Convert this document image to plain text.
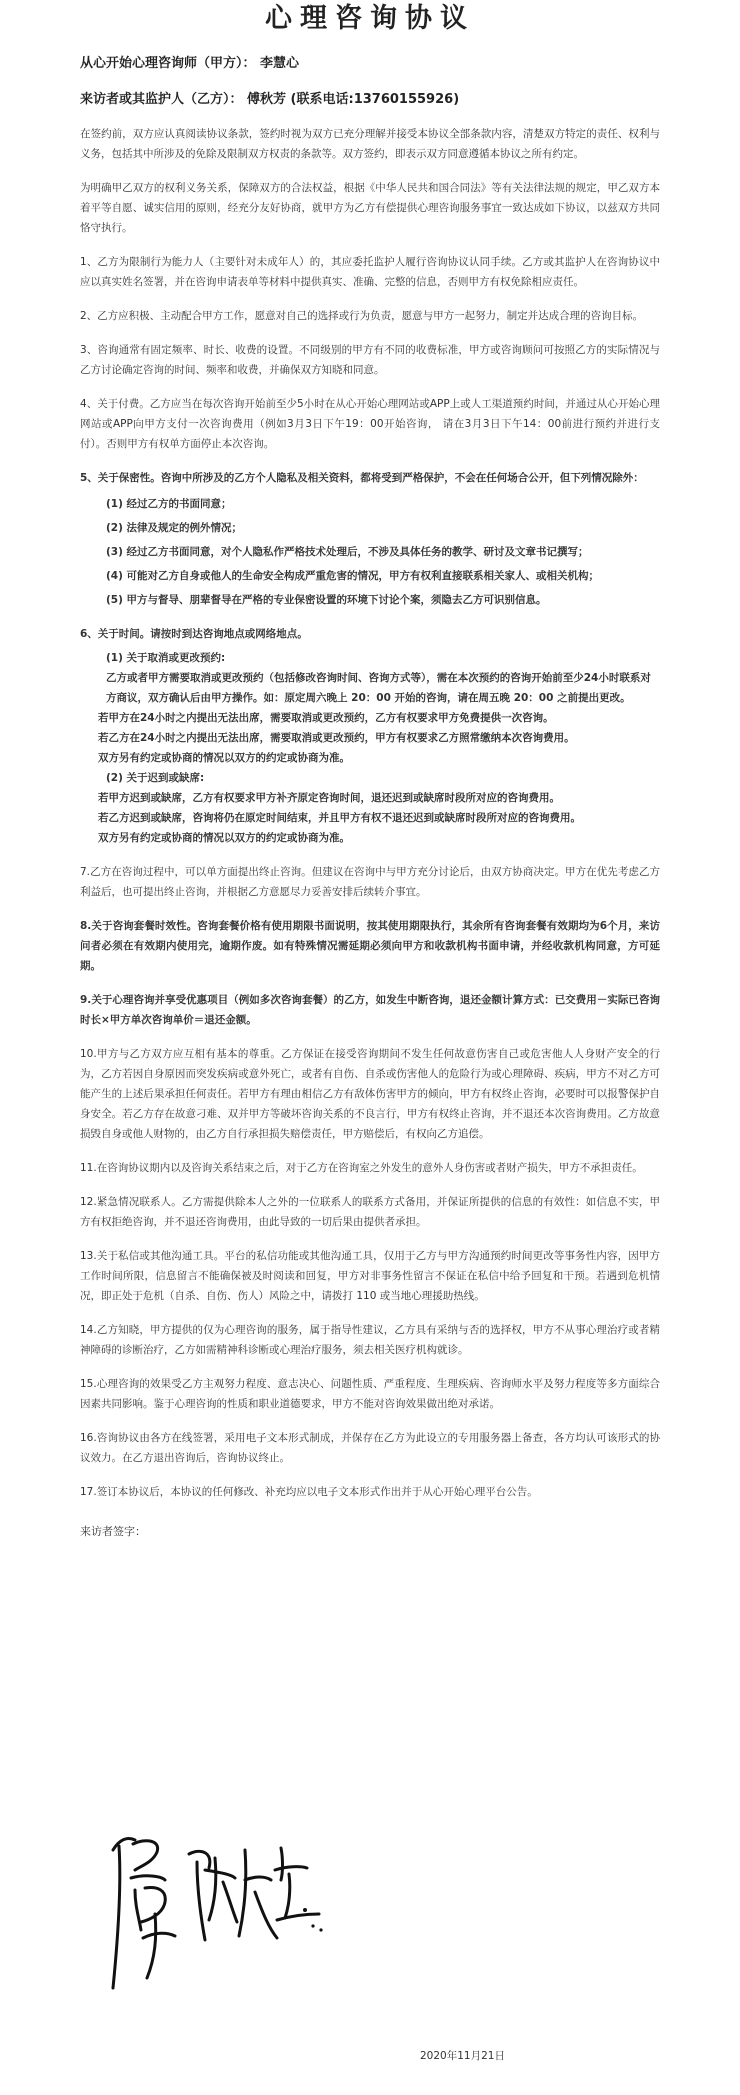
心理咨询协议

从心开始心理咨询师（甲方）： 李慧心

来访者或其监护人（乙方）： 傅秋芳 (联系电话:13760155926)

在签约前，双方应认真阅读协议条款，签约时视为双方已充分理解并接受本协议全部条款内容，清楚双方特定的责任、权利与义务，包括其中所涉及的免除及限制双方权责的条款等。双方签约，即表示双方同意遵循本协议之所有约定。

为明确甲乙双方的权利义务关系，保障双方的合法权益，根据《中华人民共和国合同法》等有关法律法规的规定，甲乙双方本着平等自愿、诚实信用的原则，经充分友好协商，就甲方为乙方有偿提供心理咨询服务事宜一致达成如下协议，以兹双方共同恪守执行。

1、乙方为限制行为能力人（主要针对未成年人）的，其应委托监护人履行咨询协议认同手续。乙方或其监护人在咨询协议中应以真实姓名签署，并在咨询申请表单等材料中提供真实、准确、完整的信息，否则甲方有权免除相应责任。

2、乙方应积极、主动配合甲方工作，愿意对自己的选择或行为负责，愿意与甲方一起努力，制定并达成合理的咨询目标。

3、咨询通常有固定频率、时长、收费的设置。不同级别的甲方有不同的收费标准，甲方或咨询顾问可按照乙方的实际情况与乙方讨论确定咨询的时间、频率和收费，并确保双方知晓和同意。

4、关于付费。乙方应当在每次咨询开始前至少5小时在从心开始心理网站或APP上或人工渠道预约时间，并通过从心开始心理网站或APP向甲方支付一次咨询费用（例如3月3日下午19：00开始咨询， 请在3月3日下午14：00前进行预约并进行支付）。否则甲方有权单方面停止本次咨询。

5、关于保密性。咨询中所涉及的乙方个人隐私及相关资料，都将受到严格保护，不会在任何场合公开，但下列情况除外：

(1) 经过乙方的书面同意；

(2) 法律及规定的例外情况；

(3) 经过乙方书面同意，对个人隐私作严格技术处理后，不涉及具体任务的教学、研讨及文章书记撰写；

(4) 可能对乙方自身或他人的生命安全构成严重危害的情况，甲方有权利直接联系相关家人、或相关机构；

(5) 甲方与督导、朋辈督导在严格的专业保密设置的环境下讨论个案，须隐去乙方可识别信息。

6、关于时间。请按时到达咨询地点或网络地点。

(1) 关于取消或更改预约:

乙方或者甲方需要取消或更改预约（包括修改咨询时间、咨询方式等），需在本次预约的咨询开始前至少24小时联系对方商议，双方确认后由甲方操作。如：原定周六晚上 20：00 开始的咨询，请在周五晚 20：00 之前提出更改。

若甲方在24小时之内提出无法出席，需要取消或更改预约，乙方有权要求甲方免费提供一次咨询。

若乙方在24小时之内提出无法出席，需要取消或更改预约，甲方有权要求乙方照常缴纳本次咨询费用。

双方另有约定或协商的情况以双方的约定或协商为准。

(2) 关于迟到或缺席:

若甲方迟到或缺席，乙方有权要求甲方补齐原定咨询时间，退还迟到或缺席时段所对应的咨询费用。

若乙方迟到或缺席，咨询将仍在原定时间结束，并且甲方有权不退还迟到或缺席时段所对应的咨询费用。

双方另有约定或协商的情况以双方的约定或协商为准。

7.乙方在咨询过程中，可以单方面提出终止咨询。但建议在咨询中与甲方充分讨论后，由双方协商决定。甲方在优先考虑乙方利益后，也可提出终止咨询，并根据乙方意愿尽力妥善安排后续转介事宜。

8.关于咨询套餐时效性。咨询套餐价格有使用期限书面说明，按其使用期限执行，其余所有咨询套餐有效期均为6个月，来访问者必须在有效期内使用完，逾期作废。如有特殊情况需延期必须向甲方和收款机构书面申请，并经收款机构同意，方可延期。

9.关于心理咨询并享受优惠项目（例如多次咨询套餐）的乙方，如发生中断咨询，退还金额计算方式：已交费用－实际已咨询时长×甲方单次咨询单价＝退还金额。

10.甲方与乙方双方应互相有基本的尊重。乙方保证在接受咨询期间不发生任何故意伤害自己或危害他人人身财产安全的行为，乙方若因自身原因而突发疾病或意外死亡，或者有自伤、自杀或伤害他人的危险行为或心理障碍、疾病，甲方不对乙方可能产生的上述后果承担任何责任。若甲方有理由相信乙方有敌体伤害甲方的倾向，甲方有权终止咨询，必要时可以报警保护自身安全。若乙方存在故意刁难、双并甲方等破坏咨询关系的不良言行，甲方有权终止咨询，并不退还本次咨询费用。乙方故意损毁自身或他人财物的，由乙方自行承担损失赔偿责任，甲方赔偿后，有权向乙方追偿。

11.在咨询协议期内以及咨询关系结束之后，对于乙方在咨询室之外发生的意外人身伤害或者财产损失，甲方不承担责任。

12.紧急情况联系人。乙方需提供除本人之外的一位联系人的联系方式备用，并保证所提供的信息的有效性：如信息不实，甲方有权拒绝咨询，并不退还咨询费用，由此导致的一切后果由提供者承担。

13.关于私信或其他沟通工具。平台的私信功能或其他沟通工具，仅用于乙方与甲方沟通预约时间更改等事务性内容，因甲方工作时间所限，信息留言不能确保被及时阅读和回复，甲方对非事务性留言不保证在私信中给予回复和干预。若遇到危机情况，即正处于危机（自杀、自伤、伤人）风险之中，请拨打 110 或当地心理援助热线。

14.乙方知晓，甲方提供的仅为心理咨询的服务，属于指导性建议，乙方具有采纳与否的选择权，甲方不从事心理治疗或者精神障碍的诊断治疗，乙方如需精神科诊断或心理治疗服务，须去相关医疗机构就诊。

15.心理咨询的效果受乙方主观努力程度、意志决心、问题性质、严重程度、生理疾病、咨询师水平及努力程度等多方面综合因素共同影响。鉴于心理咨询的性质和职业道德要求，甲方不能对咨询效果做出绝对承诺。

16.咨询协议由各方在线签署，采用电子文本形式制成，并保存在乙方为此设立的专用服务器上备查，各方均认可该形式的协议效力。在乙方退出咨询后，咨询协议终止。

17.签订本协议后，本协议的任何修改、补充均应以电子文本形式作出并于从心开始心理平台公告。

来访者签字：

2020年11月21日
